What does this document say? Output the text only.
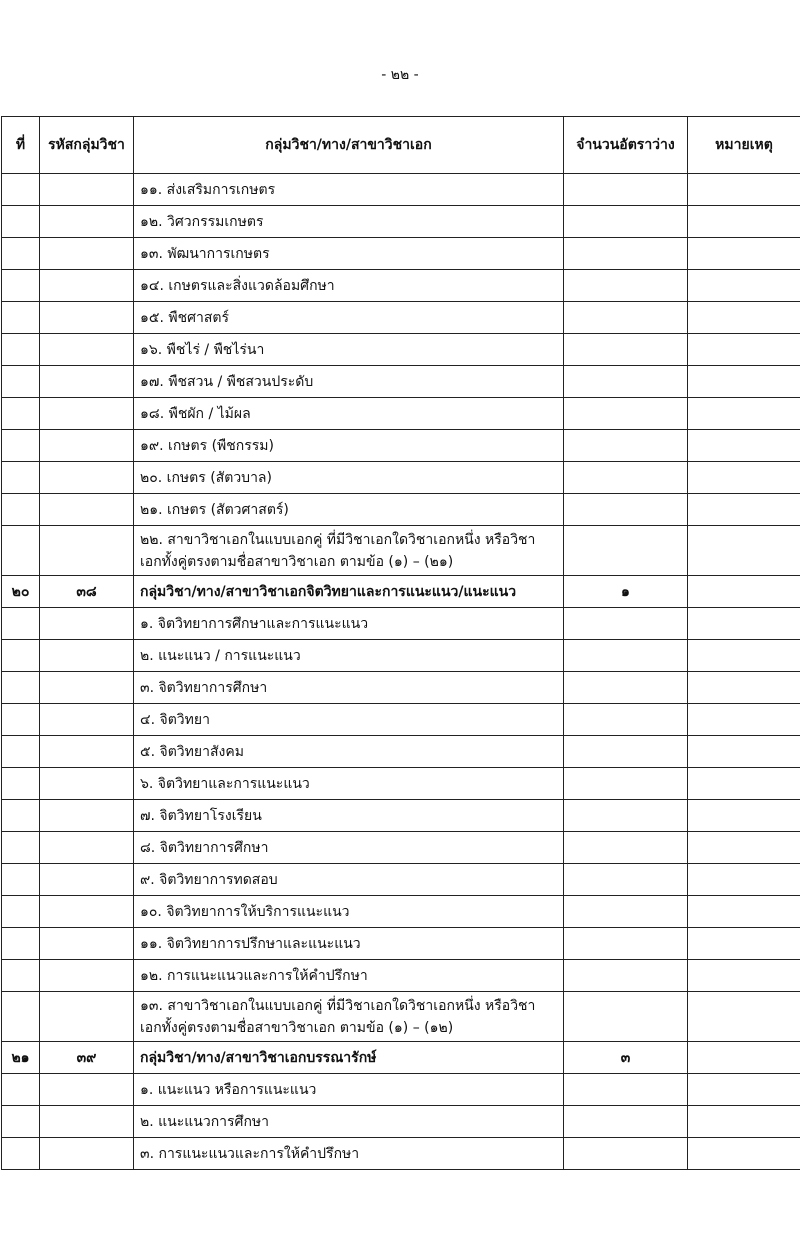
- ๒๒ -
ที่	รหัสกลุ่มวิชา	กลุ่มวิชา/ทาง/สาขาวิชาเอก	จำนวนอัตราว่าง	หมายเหตุ
		๑๑. ส่งเสริมการเกษตร		
		๑๒. วิศวกรรมเกษตร		
		๑๓. พัฒนาการเกษตร		
		๑๔. เกษตรและสิ่งแวดล้อมศึกษา		
		๑๕. พืชศาสตร์		
		๑๖. พืชไร่ / พืชไร่นา		
		๑๗. พืชสวน / พืชสวนประดับ		
		๑๘. พืชผัก / ไม้ผล		
		๑๙. เกษตร (พืชกรรม)		
		๒๐. เกษตร (สัตวบาล)		
		๒๑. เกษตร (สัตวศาสตร์)		
		๒๒. สาขาวิชาเอกในแบบเอกคู่ ที่มีวิชาเอกใดวิชาเอกหนึ่ง หรือวิชาเอกทั้งคู่ตรงตามชื่อสาขาวิชาเอก ตามข้อ (๑) – (๒๑)		
๒๐	๓๘	กลุ่มวิชา/ทาง/สาขาวิชาเอกจิตวิทยาและการแนะแนว/แนะแนว	๑	
		๑. จิตวิทยาการศึกษาและการแนะแนว		
		๒. แนะแนว / การแนะแนว		
		๓. จิตวิทยาการศึกษา		
		๔. จิตวิทยา		
		๕. จิตวิทยาสังคม		
		๖. จิตวิทยาและการแนะแนว		
		๗. จิตวิทยาโรงเรียน		
		๘. จิตวิทยาการศึกษา		
		๙. จิตวิทยาการทดสอบ		
		๑๐. จิตวิทยาการให้บริการแนะแนว		
		๑๑. จิตวิทยาการปรึกษาและแนะแนว		
		๑๒. การแนะแนวและการให้คำปรึกษา		
		๑๓. สาขาวิชาเอกในแบบเอกคู่ ที่มีวิชาเอกใดวิชาเอกหนึ่ง หรือวิชาเอกทั้งคู่ตรงตามชื่อสาขาวิชาเอก ตามข้อ (๑) – (๑๒)		
๒๑	๓๙	กลุ่มวิชา/ทาง/สาขาวิชาเอกบรรณารักษ์	๓	
		๑. แนะแนว หรือการแนะแนว		
		๒. แนะแนวการศึกษา		
		๓. การแนะแนวและการให้คำปรึกษา		
